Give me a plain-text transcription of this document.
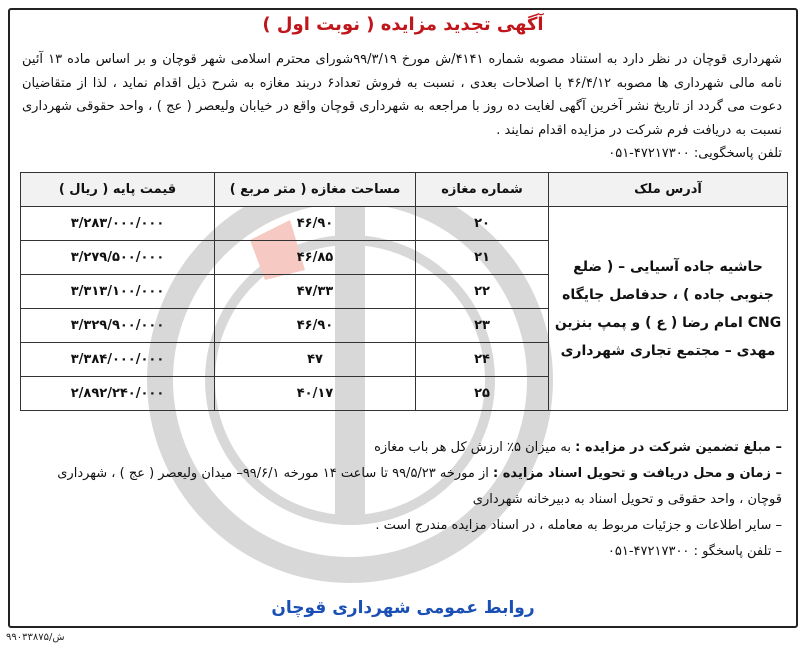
آگهی تجدید مزایده ( نوبت اول )
شهرداری قوچان در نظر دارد به استناد مصوبه شماره ۴۱۴۱/ش مورخ ۹۹/۳/۱۹شورای محترم اسلامی شهر قوچان و بر اساس ماده ۱۳ آئین نامه مالی شهرداری ها مصوبه ۴۶/۴/۱۲ با اصلاحات بعدی ، نسبت به فروش تعداد۶ دربند مغازه به شرح ذیل اقدام نماید ، لذا از متقاضیان دعوت می گردد از تاریخ نشر آخرین آگهی لغایت ده روز با مراجعه به شهرداری قوچان واقع در خیابان ولیعصر ( عج ) ، واحد حقوقی شهرداری نسبت به دریافت فرم شرکت در مزایده اقدام نمایند .
تلفن پاسخگویی: ۰۵۱-۴۷۲۱۷۳۰۰
آدرس ملک	شماره مغازه	مساحت مغازه ( متر مربع )	قیمت پایه ( ریال )
حاشیه جاده آسیایی – ( ضلع جنوبی جاده ) ، حدفاصل جایگاه CNG امام رضا ( ع ) و پمپ بنزین مهدی – مجتمع تجاری شهرداری	۲۰	۴۶/۹۰	۳/۲۸۳/۰۰۰/۰۰۰
	۲۱	۴۶/۸۵	۳/۲۷۹/۵۰۰/۰۰۰
	۲۲	۴۷/۳۳	۳/۳۱۳/۱۰۰/۰۰۰
	۲۳	۴۶/۹۰	۳/۳۲۹/۹۰۰/۰۰۰
	۲۴	۴۷	۳/۳۸۴/۰۰۰/۰۰۰
	۲۵	۴۰/۱۷	۲/۸۹۲/۲۴۰/۰۰۰

– مبلغ تضمین شرکت در مزایده : به میزان ۵٪ ارزش کل هر باب مغازه

– زمان و محل دریافت و تحویل اسناد مزایده : از مورخه ۹۹/۵/۲۳ تا ساعت ۱۴ مورخه ۹۹/۶/۱– میدان ولیعصر ( عج ) ، شهرداری قوچان ، واحد حقوقی و تحویل اسناد به دبیرخانه شهرداری

– سایر اطلاعات و جزئیات مربوط به معامله ، در اسناد مزایده مندرج است .

– تلفن پاسخگو : ۰۵۱-۴۷۲۱۷۳۰۰

روابط عمومی شهرداری قوچان
۹۹۰۳۳۸۷۵/ش
